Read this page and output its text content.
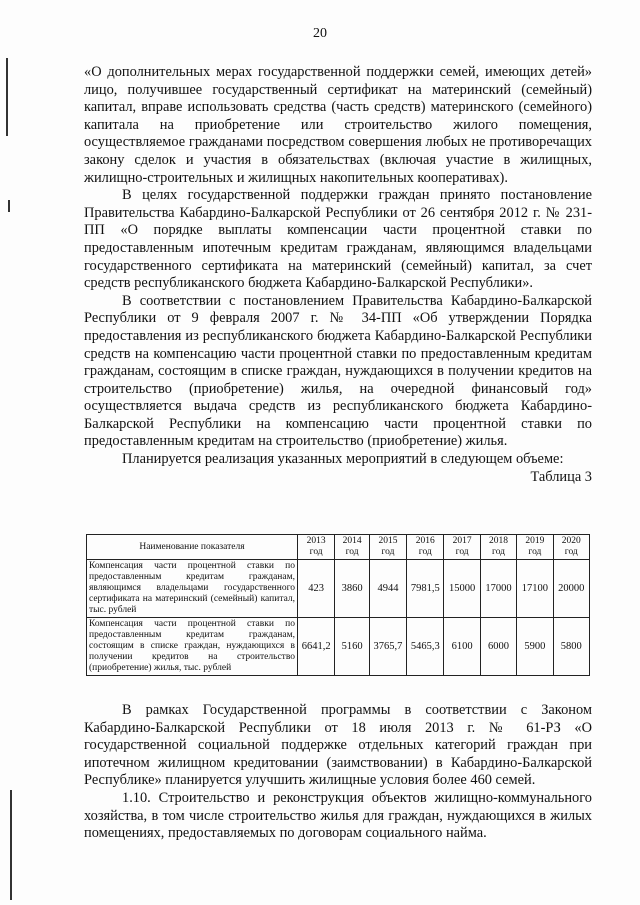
20

«О дополнительных мерах государственной поддержки семей, имеющих детей» лицо, получившее государственный сертификат на материнский (семейный) капитал, вправе использовать средства (часть средств) материнского (семейного) капитала на приобретение или строительство жилого помещения, осуществляемое гражданами посредством совершения любых не противоречащих закону сделок и участия в обязательствах (включая участие в жилищных, жилищно-строительных и жилищных накопительных кооперативах).

В целях государственной поддержки граждан принято постановление Правительства Кабардино-Балкарской Республики от 26 сентября 2012 г. № 231-ПП «О порядке выплаты компенсации части процентной ставки по предоставленным ипотечным кредитам гражданам, являющимся владельцами государственного сертификата на материнский (семейный) капитал, за счет средств республиканского бюджета Кабардино-Балкарской Республики».

В соответствии с постановлением Правительства Кабардино-Балкарской Республики от 9 февраля 2007 г. № 34-ПП «Об утверждении Порядка предоставления из республиканского бюджета Кабардино-Балкарской Республики средств на компенсацию части процентной ставки по предоставленным кредитам гражданам, состоящим в списке граждан, нуждающихся в получении кредитов на строительство (приобретение) жилья, на очередной финансовый год» осуществляется выдача средств из республиканского бюджета Кабардино-Балкарской Республики на компенсацию части процентной ставки по предоставленным кредитам на строительство (приобретение) жилья.

Планируется реализация указанных мероприятий в следующем объеме:

Таблица 3

Наименование показателя	2013 год	2014 год	2015 год	2016 год	2017 год	2018 год	2019 год	2020 год
Компенсация части процентной ставки по предоставленным кредитам гражданам, являющимся владельцами государственного сертификата на материнский (семейный) капитал, тыс. рублей	423	3860	4944	7981,5	15000	17000	17100	20000
Компенсация части процентной ставки по предоставленным кредитам гражданам, состоящим в списке граждан, нуждающихся в получении кредитов на строительство (приобретение) жилья, тыс. рублей	6641,2	5160	3765,7	5465,3	6100	6000	5900	5800

В рамках Государственной программы в соответствии с Законом Кабардино-Балкарской Республики от 18 июля 2013 г. № 61-РЗ «О государственной социальной поддержке отдельных категорий граждан при ипотечном жилищном кредитовании (заимствовании) в Кабардино-Балкарской Республике» планируется улучшить жилищные условия более 460 семей.

1.10. Строительство и реконструкция объектов жилищно-коммунального хозяйства, в том числе строительство жилья для граждан, нуждающихся в жилых помещениях, предоставляемых по договорам социального найма.
